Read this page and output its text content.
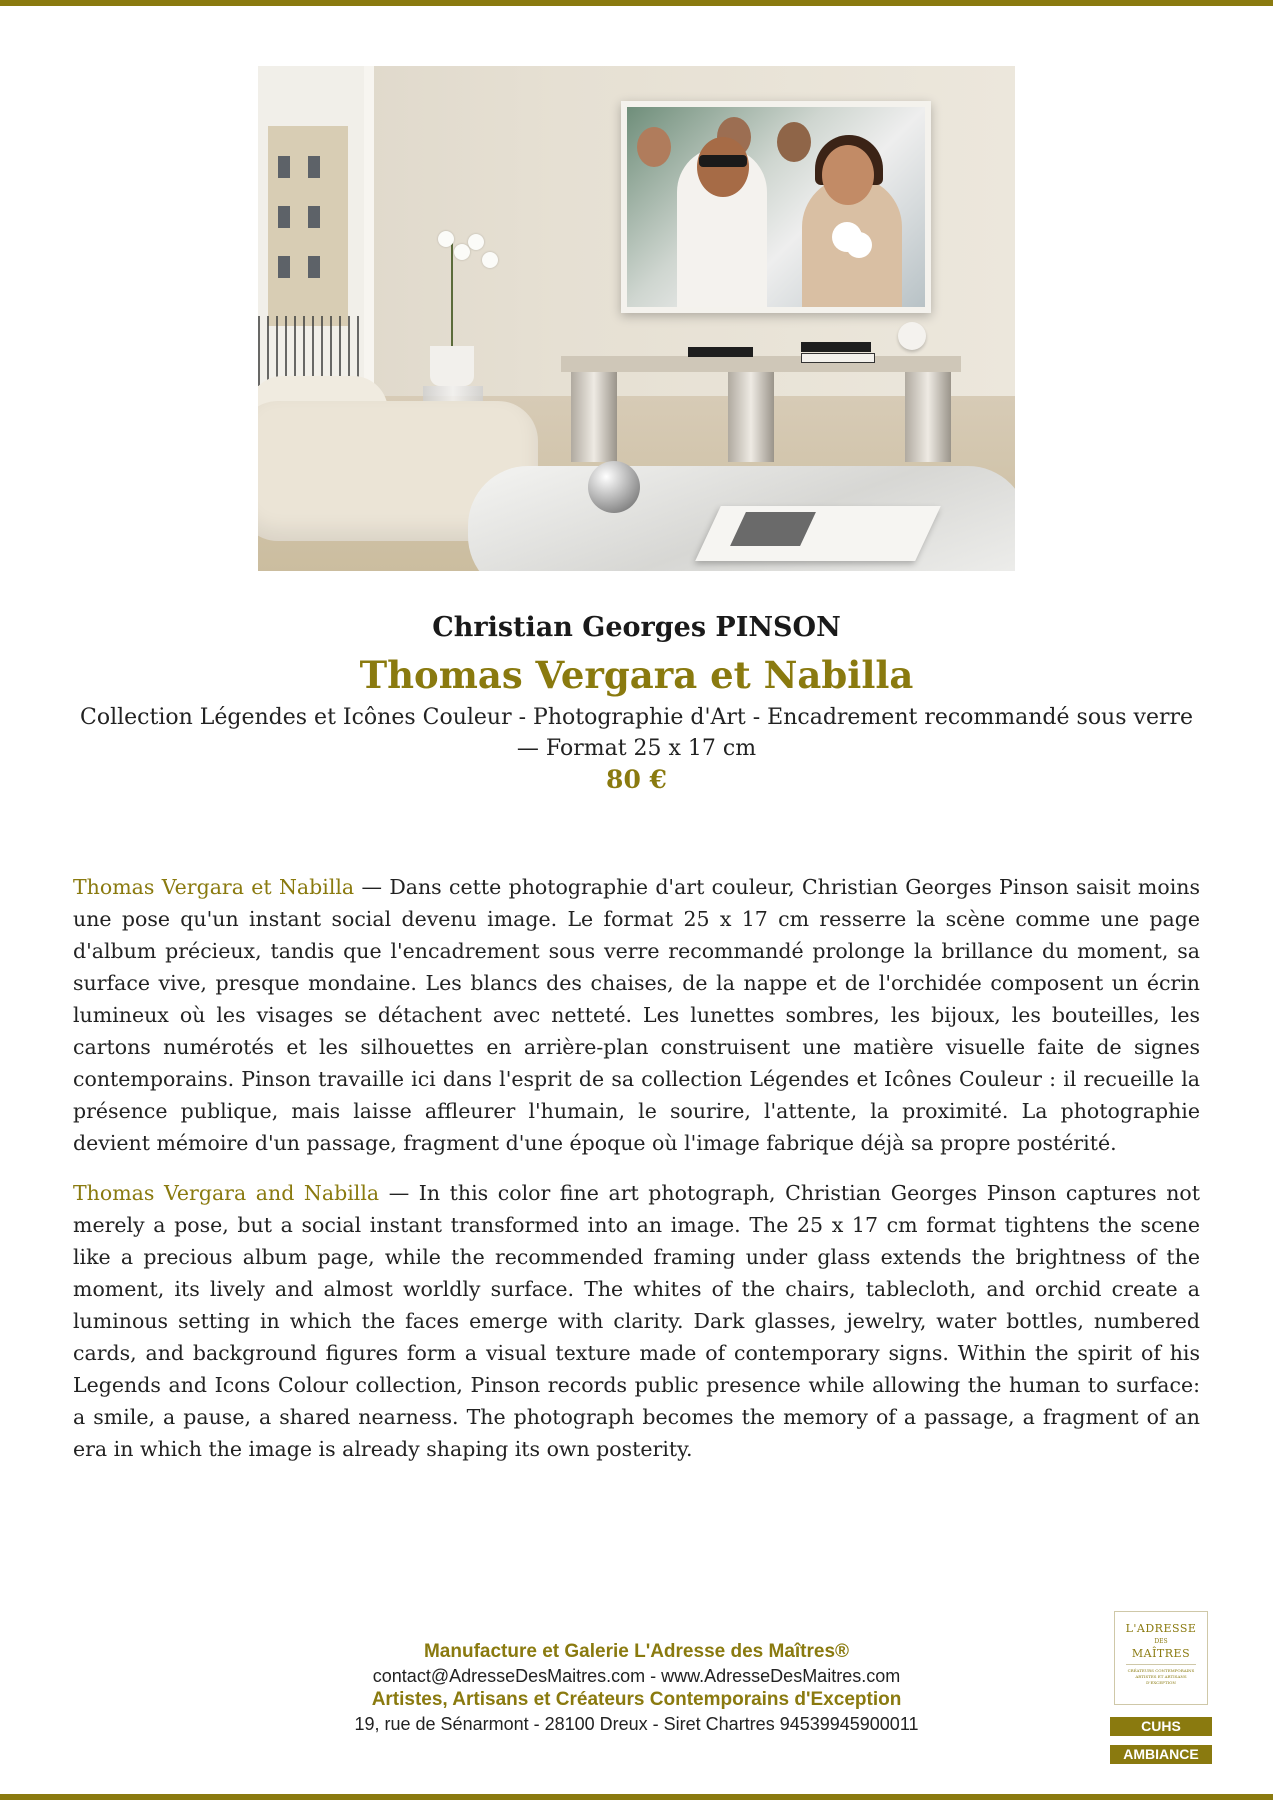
Christian Georges PINSON
Thomas Vergara et Nabilla
Collection Légendes et Icônes Couleur - Photographie d'Art - Encadrement recommandé sous verre — Format 25 x 17 cm
80 €

Thomas Vergara et Nabilla — Dans cette photographie d'art couleur, Christian Georges Pinson saisit moins une pose qu'un instant social devenu image. Le format 25 x 17 cm resserre la scène comme une page d'album précieux, tandis que l'encadrement sous verre recommandé prolonge la brillance du moment, sa surface vive, presque mondaine. Les blancs des chaises, de la nappe et de l'orchidée composent un écrin lumineux où les visages se détachent avec netteté. Les lunettes sombres, les bijoux, les bouteilles, les cartons numérotés et les silhouettes en arrière-plan construisent une matière visuelle faite de signes contemporains. Pinson travaille ici dans l'esprit de sa collection Légendes et Icônes Couleur : il recueille la présence publique, mais laisse affleurer l'humain, le sourire, l'attente, la proximité. La photographie devient mémoire d'un passage, fragment d'une époque où l'image fabrique déjà sa propre postérité.

Thomas Vergara and Nabilla — In this color fine art photograph, Christian Georges Pinson captures not merely a pose, but a social instant transformed into an image. The 25 x 17 cm format tightens the scene like a precious album page, while the recommended framing under glass extends the brightness of the moment, its lively and almost worldly surface. The whites of the chairs, tablecloth, and orchid create a luminous setting in which the faces emerge with clarity. Dark glasses, jewelry, water bottles, numbered cards, and background figures form a visual texture made of contemporary signs. Within the spirit of his Legends and Icons Colour collection, Pinson records public presence while allowing the human to surface: a smile, a pause, a shared nearness. The photograph becomes the memory of a passage, a fragment of an era in which the image is already shaping its own posterity.

Manufacture et Galerie L'Adresse des Maîtres®
contact@AdresseDesMaitres.com - www.AdresseDesMaitres.com
Artistes, Artisans et Créateurs Contemporains d'Exception
19, rue de Sénarmont - 28100 Dreux - Siret Chartres 94539945900011
L'ADRESSE
DES
MAÎTRES
CRÉATEURS CONTEMPORAINS ARTISTES ET ARTISANS D'EXCEPTION
CUHS
AMBIANCE
